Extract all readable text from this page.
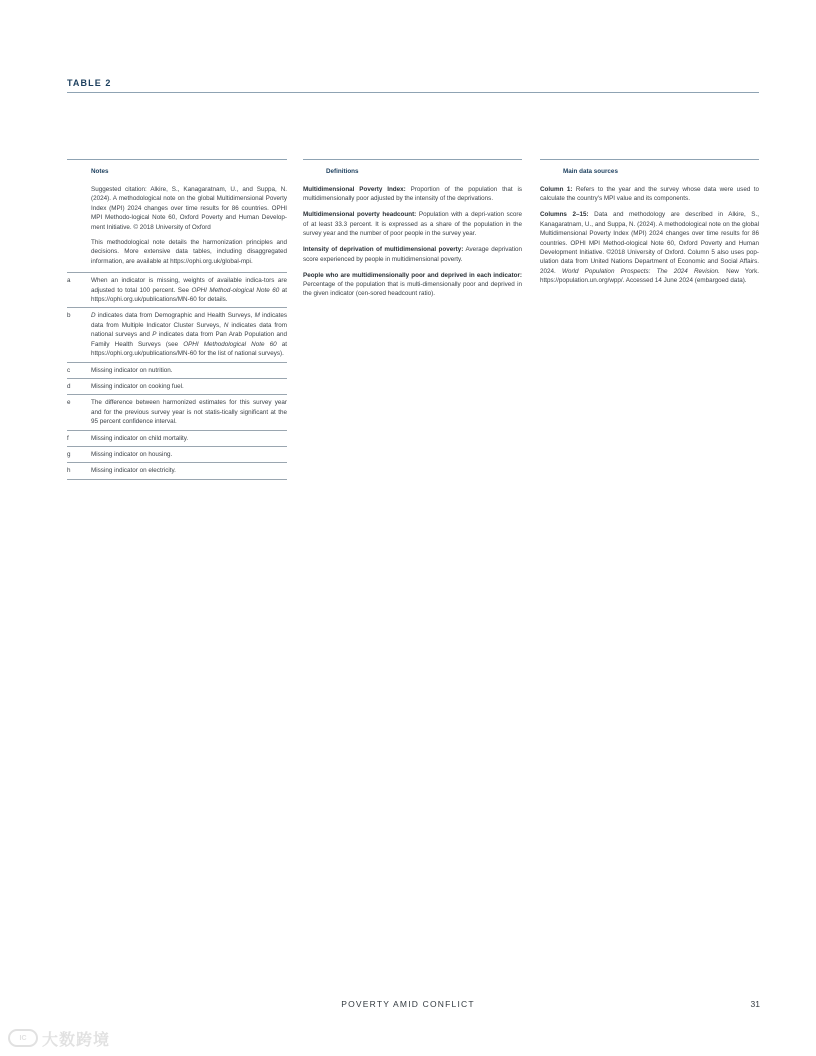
TABLE 2
Notes
Suggested citation: Alkire, S., Kanagaratnam, U., and Suppa, N. (2024). A methodological note on the global Multidimensional Poverty Index (MPI) 2024 changes over time results for 86 countries. OPHI MPI Methodo-logical Note 60, Oxford Poverty and Human Develop-ment Initiative. © 2018 University of Oxford
This methodological note details the harmonization principles and decisions. More extensive data tables, including disaggregated information, are available at https://ophi.org.uk/global-mpi.
a	When an indicator is missing, weights of available indica-tors are adjusted to total 100 percent. See OPHI Method-ological Note 60 at https://ophi.org.uk/publications/MN-60 for details.
b	D indicates data from Demographic and Health Surveys, M indicates data from Multiple Indicator Cluster Surveys, N indicates data from national surveys and P indicates data from Pan Arab Population and Family Health Surveys (see OPHI Methodological Note 60 at https://ophi.org.uk/publications/MN-60 for the list of national surveys).
c	Missing indicator on nutrition.
d	Missing indicator on cooking fuel.
e	The difference between harmonized estimates for this survey year and for the previous survey year is not statis-tically significant at the 95 percent confidence interval.
f	Missing indicator on child mortality.
g	Missing indicator on housing.
h	Missing indicator on electricity.
Definitions
Multidimensional Poverty Index: Proportion of the population that is multidimensionally poor adjusted by the intensity of the deprivations.
Multidimensional poverty headcount: Population with a depri-vation score of at least 33.3 percent. It is expressed as a share of the population in the survey year and the number of poor people in the survey year.
Intensity of deprivation of multidimensional poverty: Average deprivation score experienced by people in multidimensional poverty.
People who are multidimensionally poor and deprived in each indicator: Percentage of the population that is multi-dimensionally poor and deprived in the given indicator (cen-sored headcount ratio).
Main data sources
Column 1: Refers to the year and the survey whose data were used to calculate the country's MPI value and its components.
Columns 2–15: Data and methodology are described in Alkire, S., Kanagaratnam, U., and Suppa, N. (2024). A methodological note on the global Multidimensional Poverty Index (MPI) 2024 changes over time results for 86 countries. OPHI MPI Method-ological Note 60, Oxford Poverty and Human Development Initiative. ©2018 University of Oxford. Column 5 also uses pop-ulation data from United Nations Department of Economic and Social Affairs. 2024. World Population Prospects: The 2024 Revision. New York. https://population.un.org/wpp/. Accessed 14 June 2024 (embargoed data).
POVERTY AMID CONFLICT	31
IC 大数跨境
